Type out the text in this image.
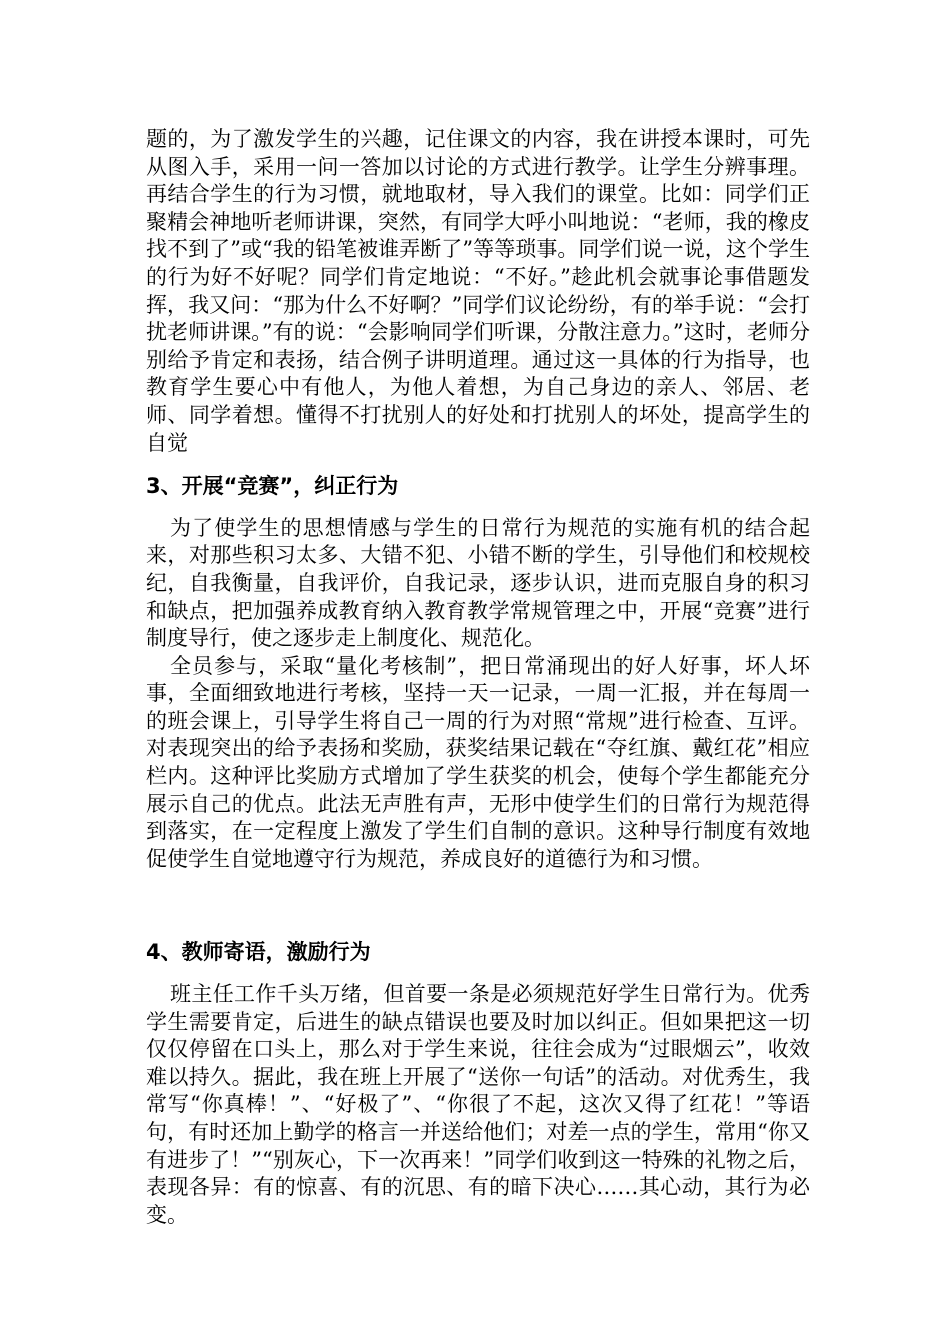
题的，为了激发学生的兴趣，记住课文的内容，我在讲授本课时，可先从图入手，采用一问一答加以讨论的方式进行教学。让学生分辨事理。再结合学生的行为习惯，就地取材，导入我们的课堂。比如：同学们正聚精会神地听老师讲课，突然，有同学大呼小叫地说：“老师，我的橡皮找不到了”或“我的铅笔被谁弄断了”等等琐事。同学们说一说，这个学生的行为好不好呢？同学们肯定地说：“不好。”趁此机会就事论事借题发挥，我又问：“那为什么不好啊？”同学们议论纷纷，有的举手说：“会打扰老师讲课。”有的说：“会影响同学们听课，分散注意力。”这时，老师分别给予肯定和表扬，结合例子讲明道理。通过这一具体的行为指导，也教育学生要心中有他人，为他人着想，为自己身边的亲人、邻居、老师、同学着想。懂得不打扰别人的好处和打扰别人的坏处，提高学生的自觉

3、开展“竞赛”，纠正行为

为了使学生的思想情感与学生的日常行为规范的实施有机的结合起来，对那些积习太多、大错不犯、小错不断的学生，引导他们和校规校纪，自我衡量，自我评价，自我记录，逐步认识，进而克服自身的积习和缺点，把加强养成教育纳入教育教学常规管理之中，开展“竞赛”进行制度导行，使之逐步走上制度化、规范化。

全员参与，采取“量化考核制”，把日常涌现出的好人好事，坏人坏事，全面细致地进行考核，坚持一天一记录，一周一汇报，并在每周一的班会课上，引导学生将自己一周的行为对照“常规”进行检查、互评。对表现突出的给予表扬和奖励，获奖结果记载在“夺红旗、戴红花”相应栏内。这种评比奖励方式增加了学生获奖的机会，使每个学生都能充分展示自己的优点。此法无声胜有声，无形中使学生们的日常行为规范得到落实，在一定程度上激发了学生们自制的意识。这种导行制度有效地促使学生自觉地遵守行为规范，养成良好的道德行为和习惯。

4、教师寄语，激励行为

班主任工作千头万绪，但首要一条是必须规范好学生日常行为。优秀学生需要肯定，后进生的缺点错误也要及时加以纠正。但如果把这一切仅仅停留在口头上，那么对于学生来说，往往会成为“过眼烟云”，收效难以持久。据此，我在班上开展了“送你一句话”的活动。对优秀生，我常写“你真棒！”、“好极了”、“你很了不起，这次又得了红花！”等语句，有时还加上勤学的格言一并送给他们；对差一点的学生，常用“你又有进步了！”“别灰心，下一次再来！”同学们收到这一特殊的礼物之后，表现各异：有的惊喜、有的沉思、有的暗下决心……其心动，其行为必变。
